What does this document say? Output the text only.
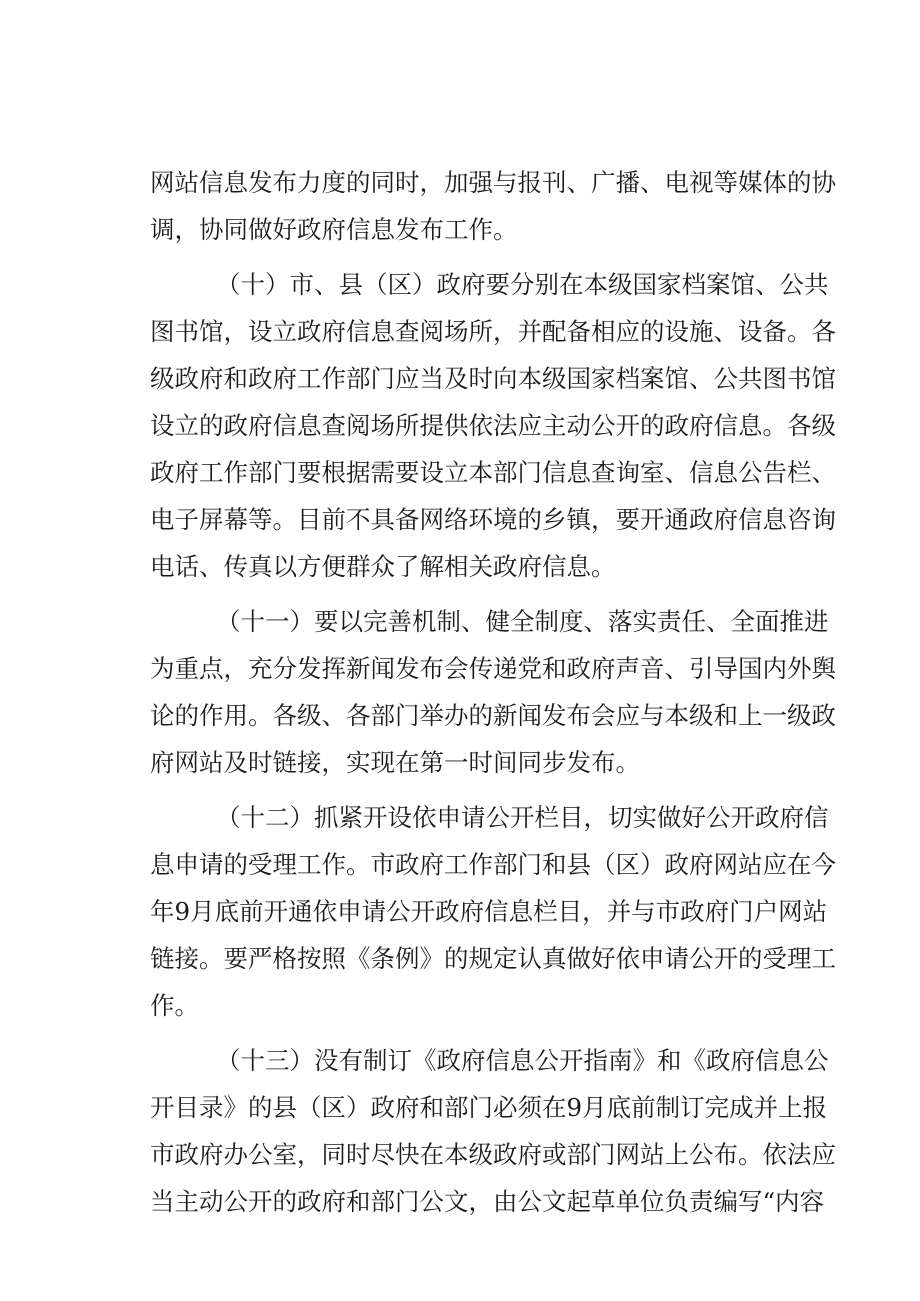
网站信息发布力度的同时，加强与报刊、广播、电视等媒体的协
调，协同做好政府信息发布工作。
（十）市、县（区）政府要分别在本级国家档案馆、公共
图书馆，设立政府信息查阅场所，并配备相应的设施、设备。各
级政府和政府工作部门应当及时向本级国家档案馆、公共图书馆
设立的政府信息查阅场所提供依法应主动公开的政府信息。各级
政府工作部门要根据需要设立本部门信息查询室、信息公告栏、
电子屏幕等。目前不具备网络环境的乡镇，要开通政府信息咨询
电话、传真以方便群众了解相关政府信息。
（十一）要以完善机制、健全制度、落实责任、全面推进
为重点，充分发挥新闻发布会传递党和政府声音、引导国内外舆
论的作用。各级、各部门举办的新闻发布会应与本级和上一级政
府网站及时链接，实现在第一时间同步发布。
（十二）抓紧开设依申请公开栏目，切实做好公开政府信
息申请的受理工作。市政府工作部门和县（区）政府网站应在今
年9月底前开通依申请公开政府信息栏目，并与市政府门户网站
链接。要严格按照《条例》的规定认真做好依申请公开的受理工
作。
（十三）没有制订《政府信息公开指南》和《政府信息公
开目录》的县（区）政府和部门必须在9月底前制订完成并上报
市政府办公室，同时尽快在本级政府或部门网站上公布。依法应
当主动公开的政府和部门公文，由公文起草单位负责编写“内容
